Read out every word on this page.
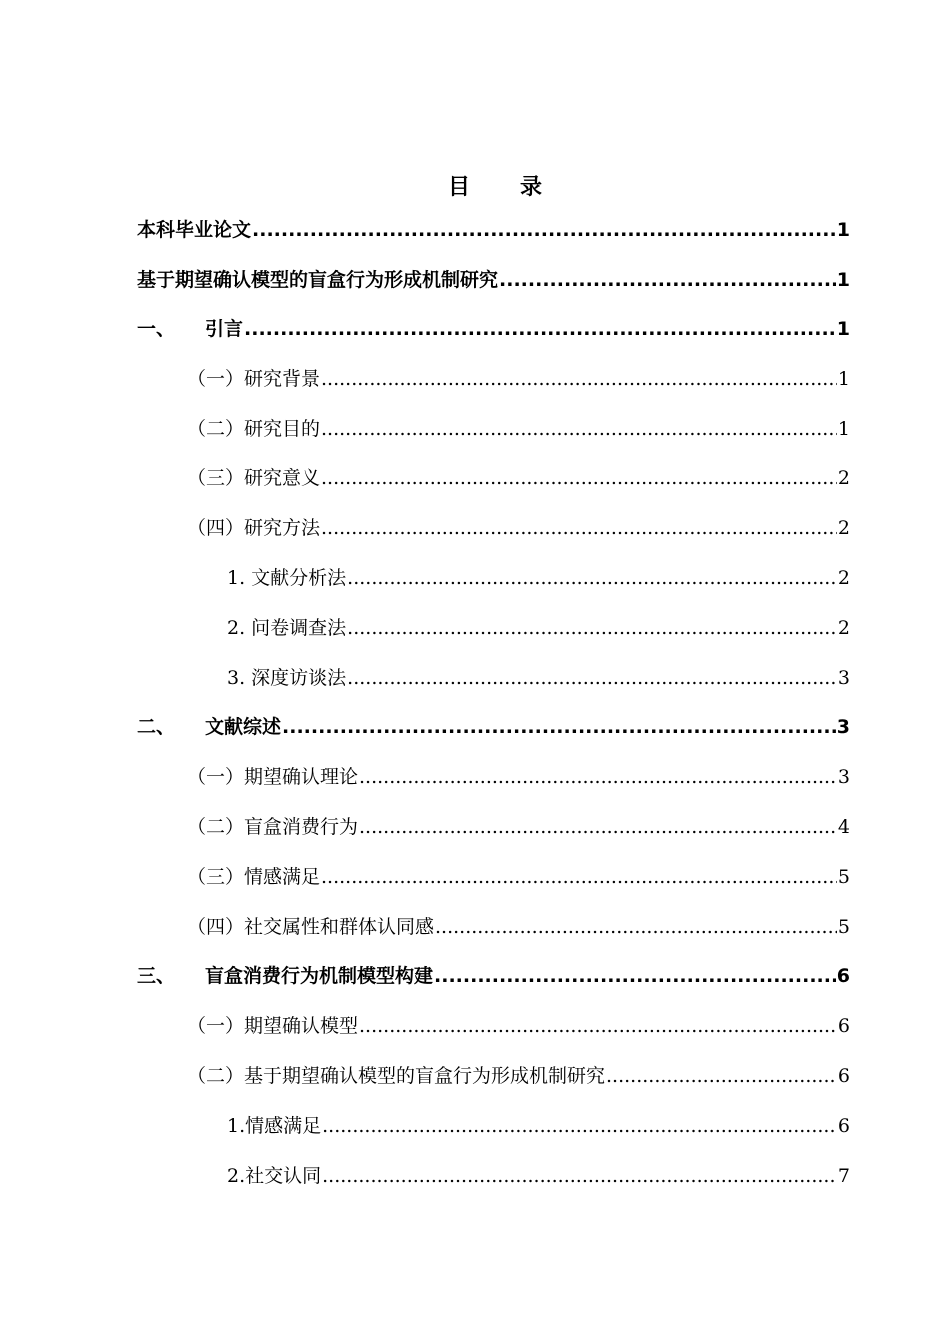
目 录
本科毕业论文 .....	1
基于期望确认模型的盲盒行为形成机制研究 .....	1
一、	引言 .....	1
（一）研究背景 .....	1
（二）研究目的 .....	1
（三）研究意义 .....	2
（四）研究方法 .....	2
1. 文献分析法 .....	2
2. 问卷调查法 .....	2
3. 深度访谈法 .....	3
二、	文献综述 .....	3
（一）期望确认理论 .....	3
（二）盲盒消费行为 .....	4
（三）情感满足 .....	5
（四）社交属性和群体认同感 .....	5
三、	盲盒消费行为机制模型构建 .....	6
（一）期望确认模型 .....	6
（二）基于期望确认模型的盲盒行为形成机制研究 .....	6
1.情感满足 .....	6
2.社交认同 .....	7
